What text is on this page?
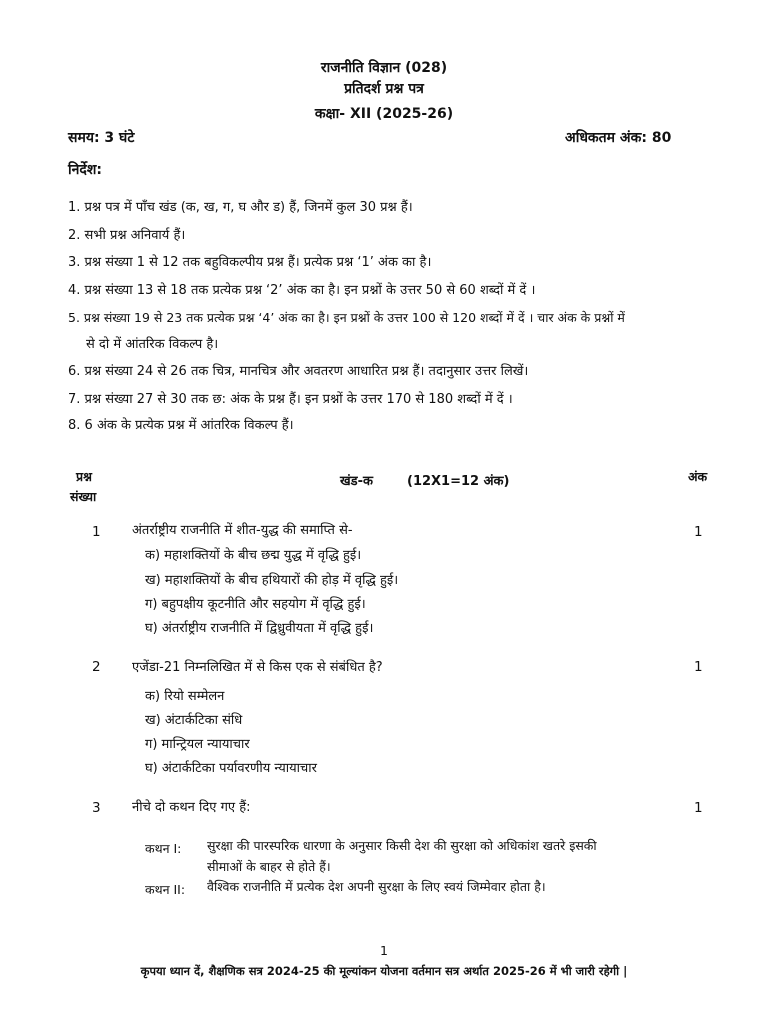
राजनीति विज्ञान (028)
प्रतिदर्श प्रश्न पत्र
कक्षा- XII (2025-26)
समय: 3 घंटे	अधिकतम अंक: 80
निर्देश:
1. प्रश्न पत्र में पाँच खंड (क, ख, ग, घ और ड) हैं, जिनमें कुल 30 प्रश्न हैं।
2. सभी प्रश्न अनिवार्य हैं।
3. प्रश्न संख्या 1 से 12 तक बहुविकल्पीय प्रश्न हैं। प्रत्येक प्रश्न ‘1’ अंक का है।
4. प्रश्न संख्या 13 से 18 तक प्रत्येक प्रश्न ‘2’ अंक का है। इन प्रश्नों के उत्तर 50 से 60 शब्दों में दें ।
5. प्रश्न संख्या 19 से 23 तक प्रत्येक प्रश्न ‘4’ अंक का है। इन प्रश्नों के उत्तर 100 से 120 शब्दों में दें । चार अंक के प्रश्नों में
से दो में आंतरिक विकल्प है।
6. प्रश्न संख्या 24 से 26 तक चित्र, मानचित्र और अवतरण आधारित प्रश्न हैं। तदानुसार उत्तर लिखें।
7. प्रश्न संख्या 27 से 30 तक छ: अंक के प्रश्न हैं। इन प्रश्नों के उत्तर 170 से 180 शब्दों में दें ।
8. 6 अंक के प्रत्येक प्रश्न में आंतरिक विकल्प हैं।
प्रश्न
संख्या
खंड-क	(12X1=12 अंक)	अंक
1 अंतर्राष्ट्रीय राजनीति में शीत-युद्ध की समाप्ति से-	1
क) महाशक्तियों के बीच छद्म युद्ध में वृद्धि हुई।
ख) महाशक्तियों के बीच हथियारों की होड़ में वृद्धि हुई।
ग) बहुपक्षीय कूटनीति और सहयोग में वृद्धि हुई।
घ) अंतर्राष्ट्रीय राजनीति में द्विध्रुवीयता में वृद्धि हुई।
2 एजेंडा-21 निम्नलिखित में से किस एक से संबंधित है?	1
क) रियो सम्मेलन
ख) अंटार्कटिका संधि
ग) मान्ट्रियल न्यायाचार
घ) अंटार्कटिका पर्यावरणीय न्यायाचार
3 नीचे दो कथन दिए गए हैं:	1
कथन I: सुरक्षा की पारस्परिक धारणा के अनुसार किसी देश की सुरक्षा को अधिकांश खतरे इसकी
सीमाओं के बाहर से होते हैं।
कथन II: वैश्विक राजनीति में प्रत्येक देश अपनी सुरक्षा के लिए स्वयं जिम्मेवार होता है।
1
कृपया ध्यान दें, शैक्षणिक सत्र 2024-25 की मूल्यांकन योजना वर्तमान सत्र अर्थात 2025-26 में भी जारी रहेगी |
